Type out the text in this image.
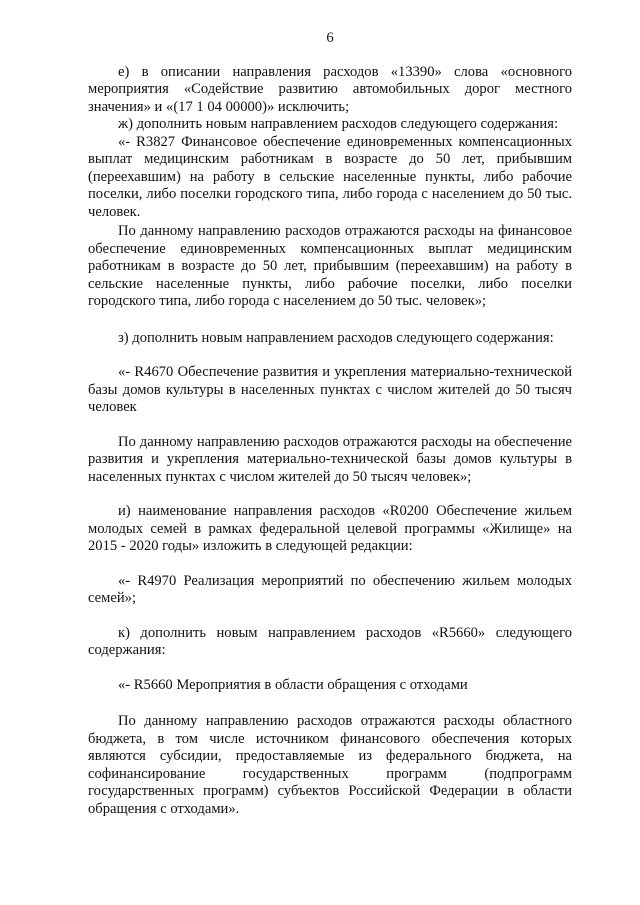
6

е) в описании направления расходов «13390» слова «основного мероприятия «Содействие развитию автомобильных дорог местного значения» и «(17 1 04 00000)» исключить;

ж) дополнить новым направлением расходов следующего содержания:

«- R3827 Финансовое обеспечение единовременных компенсационных выплат медицинским работникам в возрасте до 50 лет, прибывшим (переехавшим) на работу в сельские населенные пункты, либо рабочие поселки, либо поселки городского типа, либо города с населением до 50 тыс. человек.

По данному направлению расходов отражаются расходы на финансовое обеспечение единовременных компенсационных выплат медицинским работникам в возрасте до 50 лет, прибывшим (переехавшим) на работу в сельские населенные пункты, либо рабочие поселки, либо поселки городского типа, либо города с населением до 50 тыс. человек»;

з) дополнить новым направлением расходов следующего содержания:

«- R4670 Обеспечение развития и укрепления материально-технической базы домов культуры в населенных пунктах с числом жителей до 50 тысяч человек

По данному направлению расходов отражаются расходы на обеспечение развития и укрепления материально-технической базы домов культуры в населенных пунктах с числом жителей до 50 тысяч человек»;

и) наименование направления расходов «R0200 Обеспечение жильем молодых семей в рамках федеральной целевой программы «Жилище» на 2015 - 2020 годы» изложить в следующей редакции:

«- R4970 Реализация мероприятий по обеспечению жильем молодых семей»;

к) дополнить новым направлением расходов «R5660» следующего содержания:

«- R5660 Мероприятия в области обращения с отходами

По данному направлению расходов отражаются расходы областного бюджета, в том числе источником финансового обеспечения которых являются субсидии, предоставляемые из федерального бюджета, на софинансирование государственных программ (подпрограмм государственных программ) субъектов Российской Федерации в области обращения с отходами».
